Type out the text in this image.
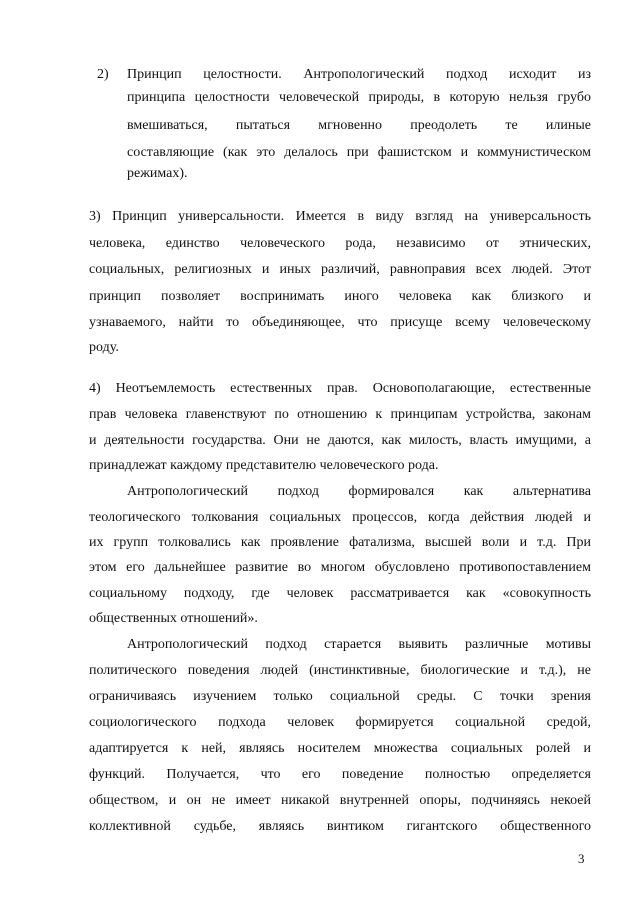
2) Принцип целостности. Антропологический подход исходит из
принципа целостности человеческой природы, в которую нельзя грубо
вмешиваться, пытаться мгновенно преодолеть те илиные
составляющие (как это делалось при фашистском и коммунистическом
режимах).
3) Принцип универсальности. Имеется в виду взгляд на универсальность
человека, единство человеческого рода, независимо от этнических,
социальных, религиозных и иных различий, равноправия всех людей. Этот
принцип позволяет воспринимать иного человека как близкого и
узнаваемого, найти то объединяющее, что присуще всему человеческому
роду.
4) Неотъемлемость естественных прав. Основополагающие, естественные
прав человека главенствуют по отношению к принципам устройства, законам
и деятельности государства. Они не даются, как милость, власть имущими, а
принадлежат каждому представителю человеческого рода.
Антропологический подход формировался как альтернатива
теологического толкования социальных процессов, когда действия людей и
их групп толковались как проявление фатализма, высшей воли и т.д. При
этом его дальнейшее развитие во многом обусловлено противопоставлением
социальному подходу, где человек рассматривается как «совокупность
общественных отношений».
Антропологический подход старается выявить различные мотивы
политического поведения людей (инстинктивные, биологические и т.д.), не
ограничиваясь изучением только социальной среды. С точки зрения
социологического подхода человек формируется социальной средой,
адаптируется к ней, являясь носителем множества социальных ролей и
функций. Получается, что его поведение полностью определяется
обществом, и он не имеет никакой внутренней опоры, подчиняясь некоей
коллективной судьбе, являясь винтиком гигантского общественного
3
